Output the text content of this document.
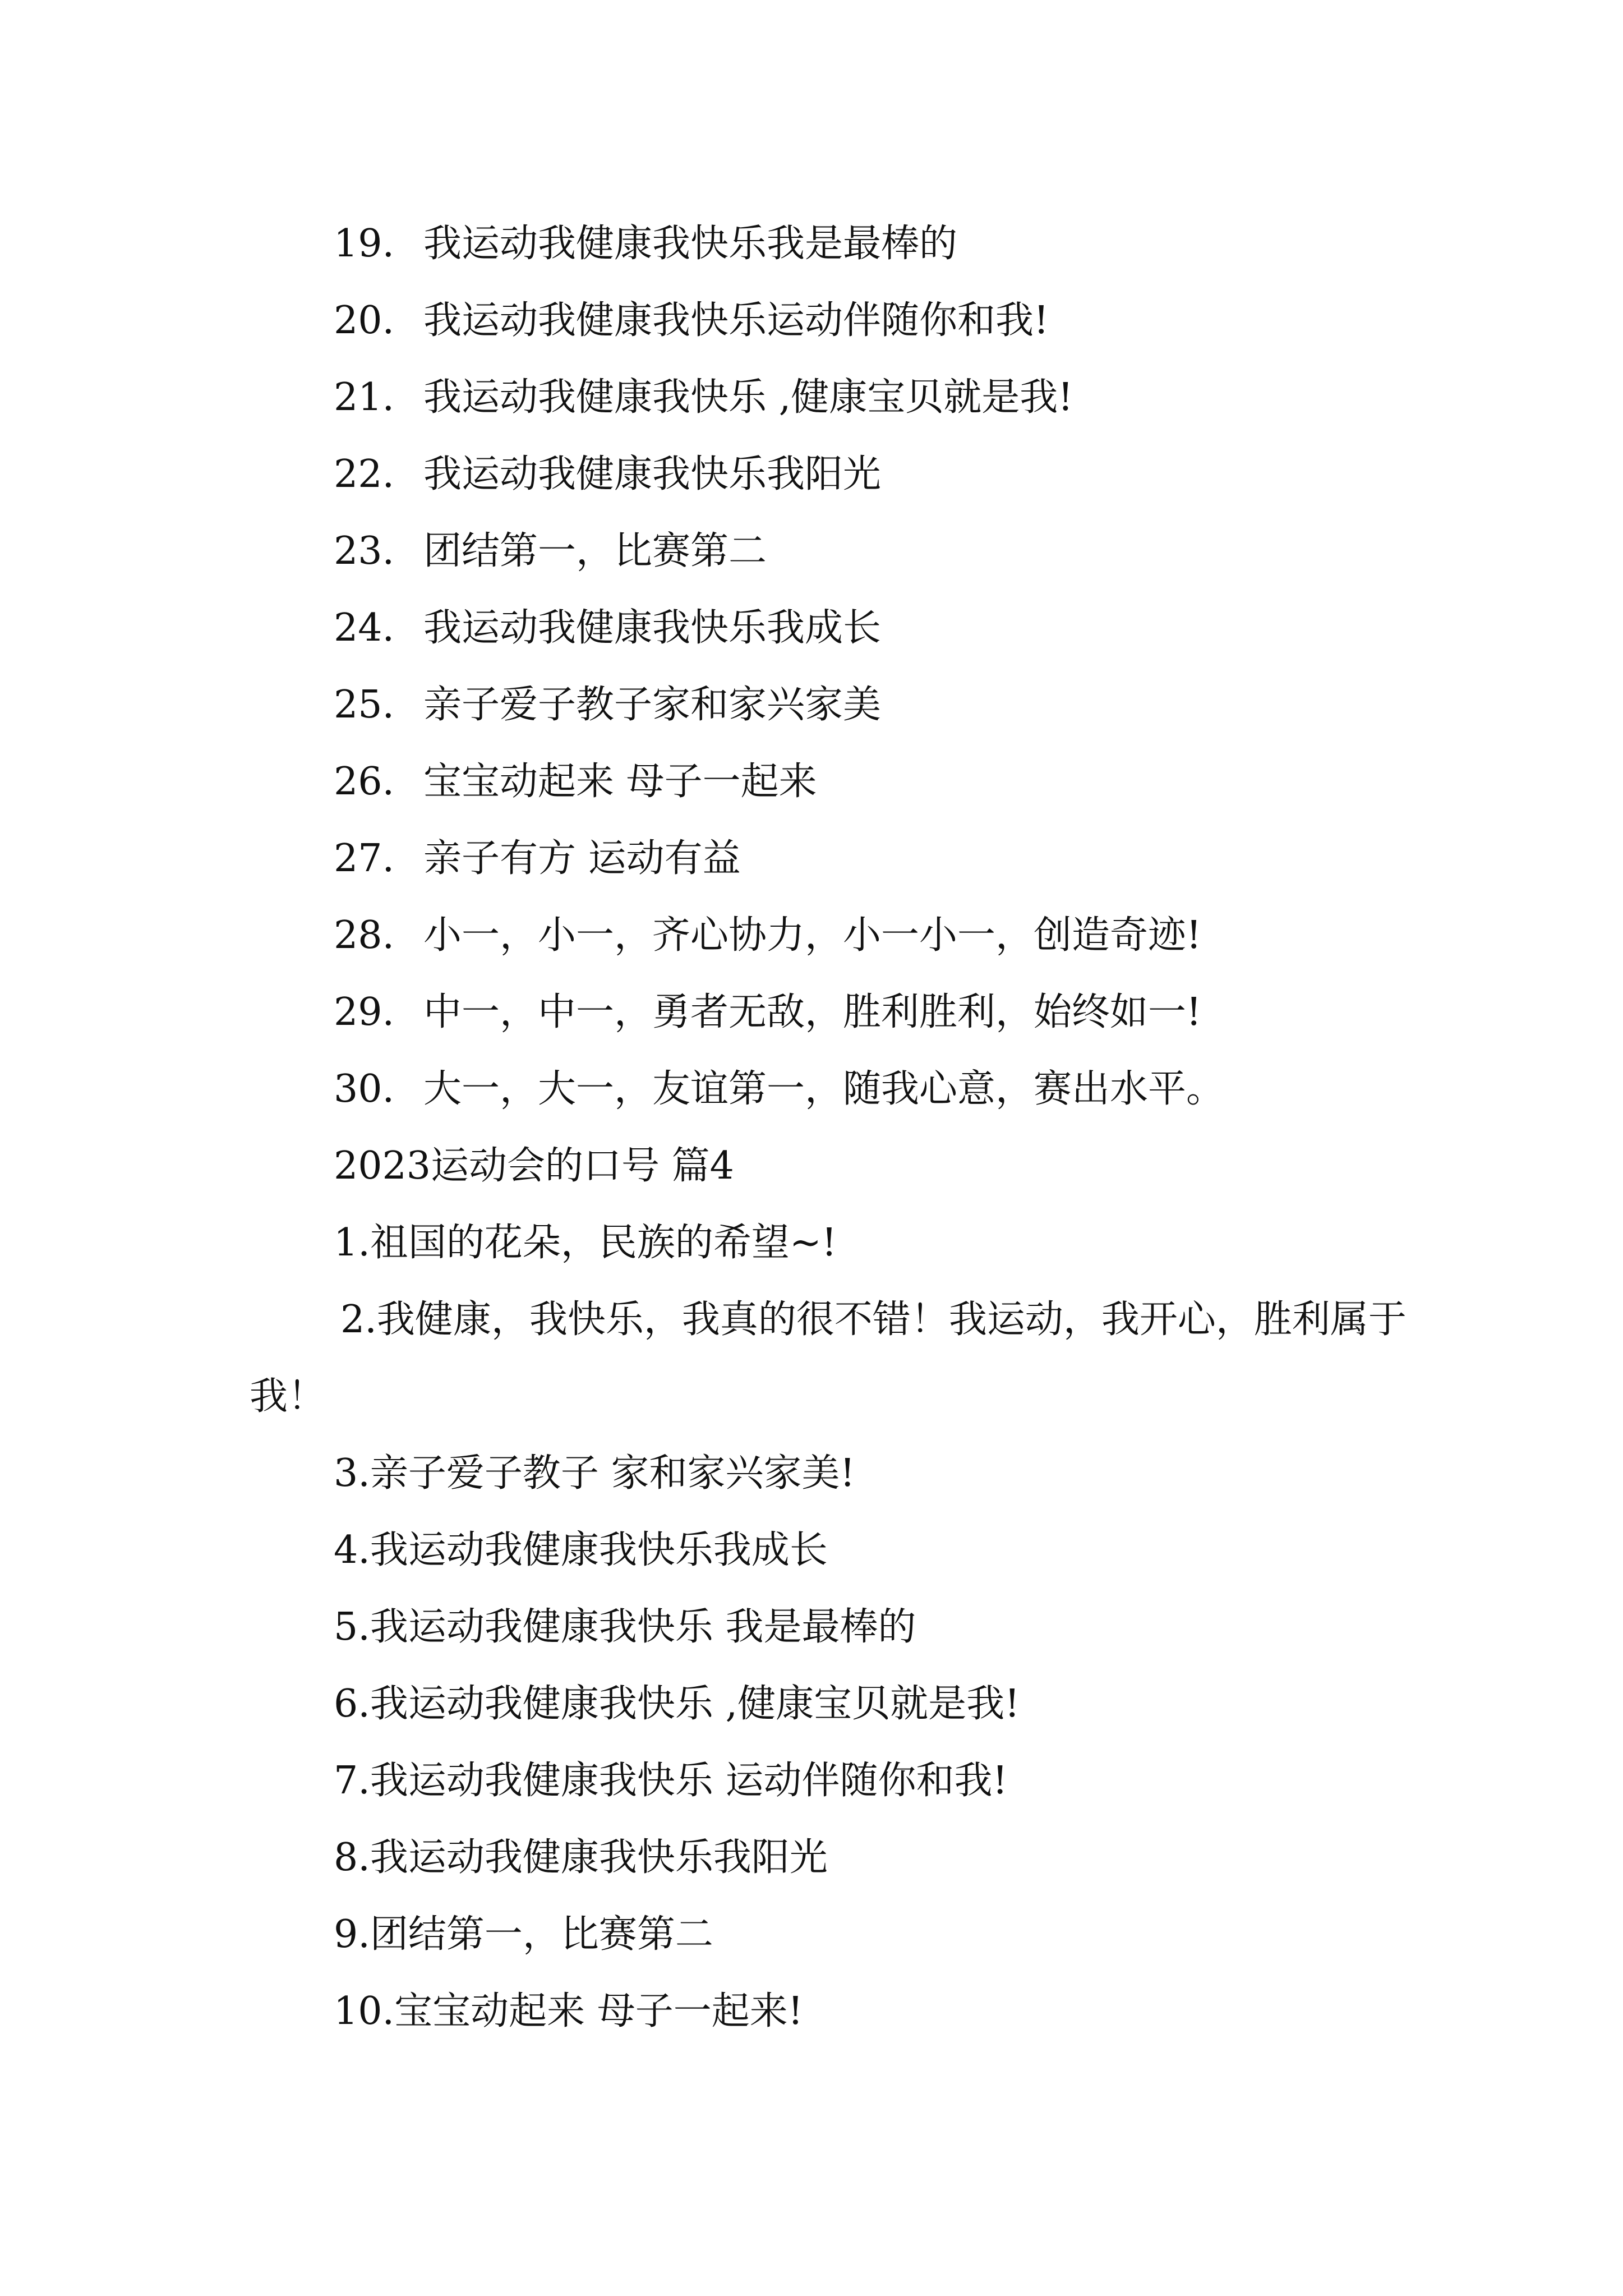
19. 我运动我健康我快乐我是最棒的

20. 我运动我健康我快乐运动伴随你和我!

21. 我运动我健康我快乐 ,健康宝贝就是我!

22. 我运动我健康我快乐我阳光

23. 团结第一，比赛第二

24. 我运动我健康我快乐我成长

25. 亲子爱子教子家和家兴家美

26. 宝宝动起来 母子一起来

27. 亲子有方 运动有益

28. 小一，小一，齐心协力，小一小一，创造奇迹!

29. 中一，中一，勇者无敌，胜利胜利，始终如一!

30. 大一，大一，友谊第一，随我心意，赛出水平。

2023运动会的口号 篇4

1.祖国的花朵，民族的希望~!

2.我健康，我快乐，我真的很不错！我运动，我开心，胜利属于我！

3.亲子爱子教子 家和家兴家美!

4.我运动我健康我快乐我成长

5.我运动我健康我快乐 我是最棒的

6.我运动我健康我快乐 ,健康宝贝就是我!

7.我运动我健康我快乐 运动伴随你和我!

8.我运动我健康我快乐我阳光

9.团结第一，比赛第二

10.宝宝动起来 母子一起来!
